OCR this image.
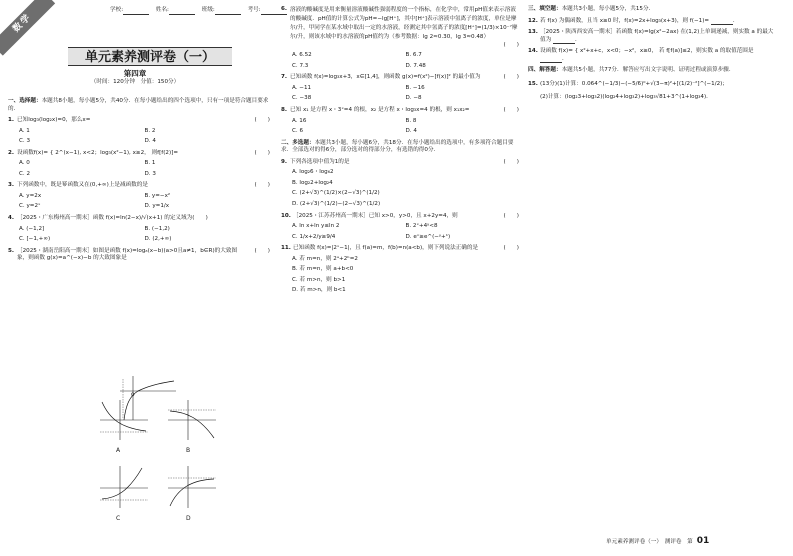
数学
学校:	姓名:	班级:	考号:
单元素养测评卷（一）
第四章
（时间：120分钟　分值：150分）
一、选择题：本题共8小题，每小题5分，共40分．在每小题给出的四个选项中，只有一项是符合题目要求的．
1. 已知log₃(log₂x)=0，那么x=	(　　)
A. 1	B. 2
C. 3	D. 4
2. 设函数f(x)= { 2^(x−1), x<2；log₃(x²−1), x≥2， 则f[f(2)]=	(　　)
A. 0	B. 1
C. 2	D. 3
3. 下列函数中，既是幂函数又在(0,+∞)上是减函数的是	(　　)
A. y=2x	B. y=−x²
C. y=2ˣ	D. y=1/x
4. ［2025・广东梅州高一期末］函数 f(x)=ln(2−x)/√(x+1) 的定义域为(　　)
A. (−1,2]	B. (−1,2)
C. [−1,+∞)	D. (2,+∞)
5. ［2025・湖南岳阳高一期末］如图是函数 f(x)=logₐ(x−b)(a>0且a≠1，b∈R)的大致图象，则函数 g(x)=a^(−x)−b 的大致图象是
(　　)
O
A	B
C	D
6. 溶液的酸碱度是用来衡量溶液酸碱性强弱程度的一个指标，在化学中，常用pH值来表示溶液的酸碱度．pH值的计算公式为pH=−lg[H⁺]，其中[H⁺]表示溶液中氢离子的浓度，单位是摩尔/升，甲同学在某水域中取出一定的水溶液，经测定其中氢离子的浓度[H⁺]=(1/3)×10⁻⁷摩尔/升，则该水域中的水溶液的pH值约为（参考数据：lg 2≈0.30，lg 3≈0.48）
(　　)
A. 6.52	B. 6.7
C. 7.3	D. 7.48
7. 已知函数 f(x)=log₃x+3，x∈[1,4]，则函数 g(x)=f(x²)−[f(x)]² 的最小值为	(　　)
A. −11	B. −16
C. −38	D. −8
8. 已知 x₁ 是方程 x・3ˣ=4 的根，x₂ 是方程 x・log₃x=4 的根，则 x₁x₂=	(　　)
A. 16	B. 8
C. 6	D. 4
二、多选题：本题共3小题，每小题6分，共18分．在每小题给出的选项中，有多项符合题目要求．全部选对的得6分，部分选对的得部分分，有选错的得0分．
9. 下列各选项中值为1的是	(　　)
A. log₂6・log₆2
B. log₂2+log₂4
C. (2+√3)^(1/2)×(2−√3)^(1/2)
D. (2+√3)^(1/2)−(2−√3)^(1/2)
10. ［2025・江苏苏州高一期末］已知 x>0，y>0，且 x+2y=4，则	(　　)
A. ln x+ln y≤ln 2	B. 2ˣ+4ʸ<8
C. 1/x+2/y≥9/4	D. eˣ≥e^(−ʸ+¹)
11. 已知函数 f(x)=|2ˣ−1|，且 f(a)=m，f(b)=n(a<b)，则下列说法正确的是	(　　)
A. 若 m=n，则 2ᵃ+2ᵇ=2
B. 若 m=n，则 a+b<0
C. 若 m>n，则 b>1
D. 若 m>n，则 b<1
三、填空题：本题共3小题，每小题5分，共15分．
12. 若 f(x) 为偶函数，且当 x≥0 时，f(x)=2x+log₃(x+3)，则 f(−1)=	．
13. ［2025・陕西西安高一期末］若函数 f(x)=lg(x²−2ax) 在(1,2)上单调递减，则实数 a 的最大值为	．
14. 设函数 f(x)= { x²+x+c，x<0；−x²，x≥0， 若 f[f(a)]≤2，则实数 a 的取值范围是 ．
四、解答题：本题共5小题，共77分．解答应写出文字说明、证明过程或演算步骤．
15. (13分)(1)计算：0.064^(−1/3)−(−5/6)⁰+√(3−π)²+[(1/2)⁻²]^(−1/2)；
(2)计算：(log₂3+log₃2)(log₂4+log₃2)+log₃√81+3^(1+log₃4)．
单元素养测评卷（一）　测评卷　第 01
